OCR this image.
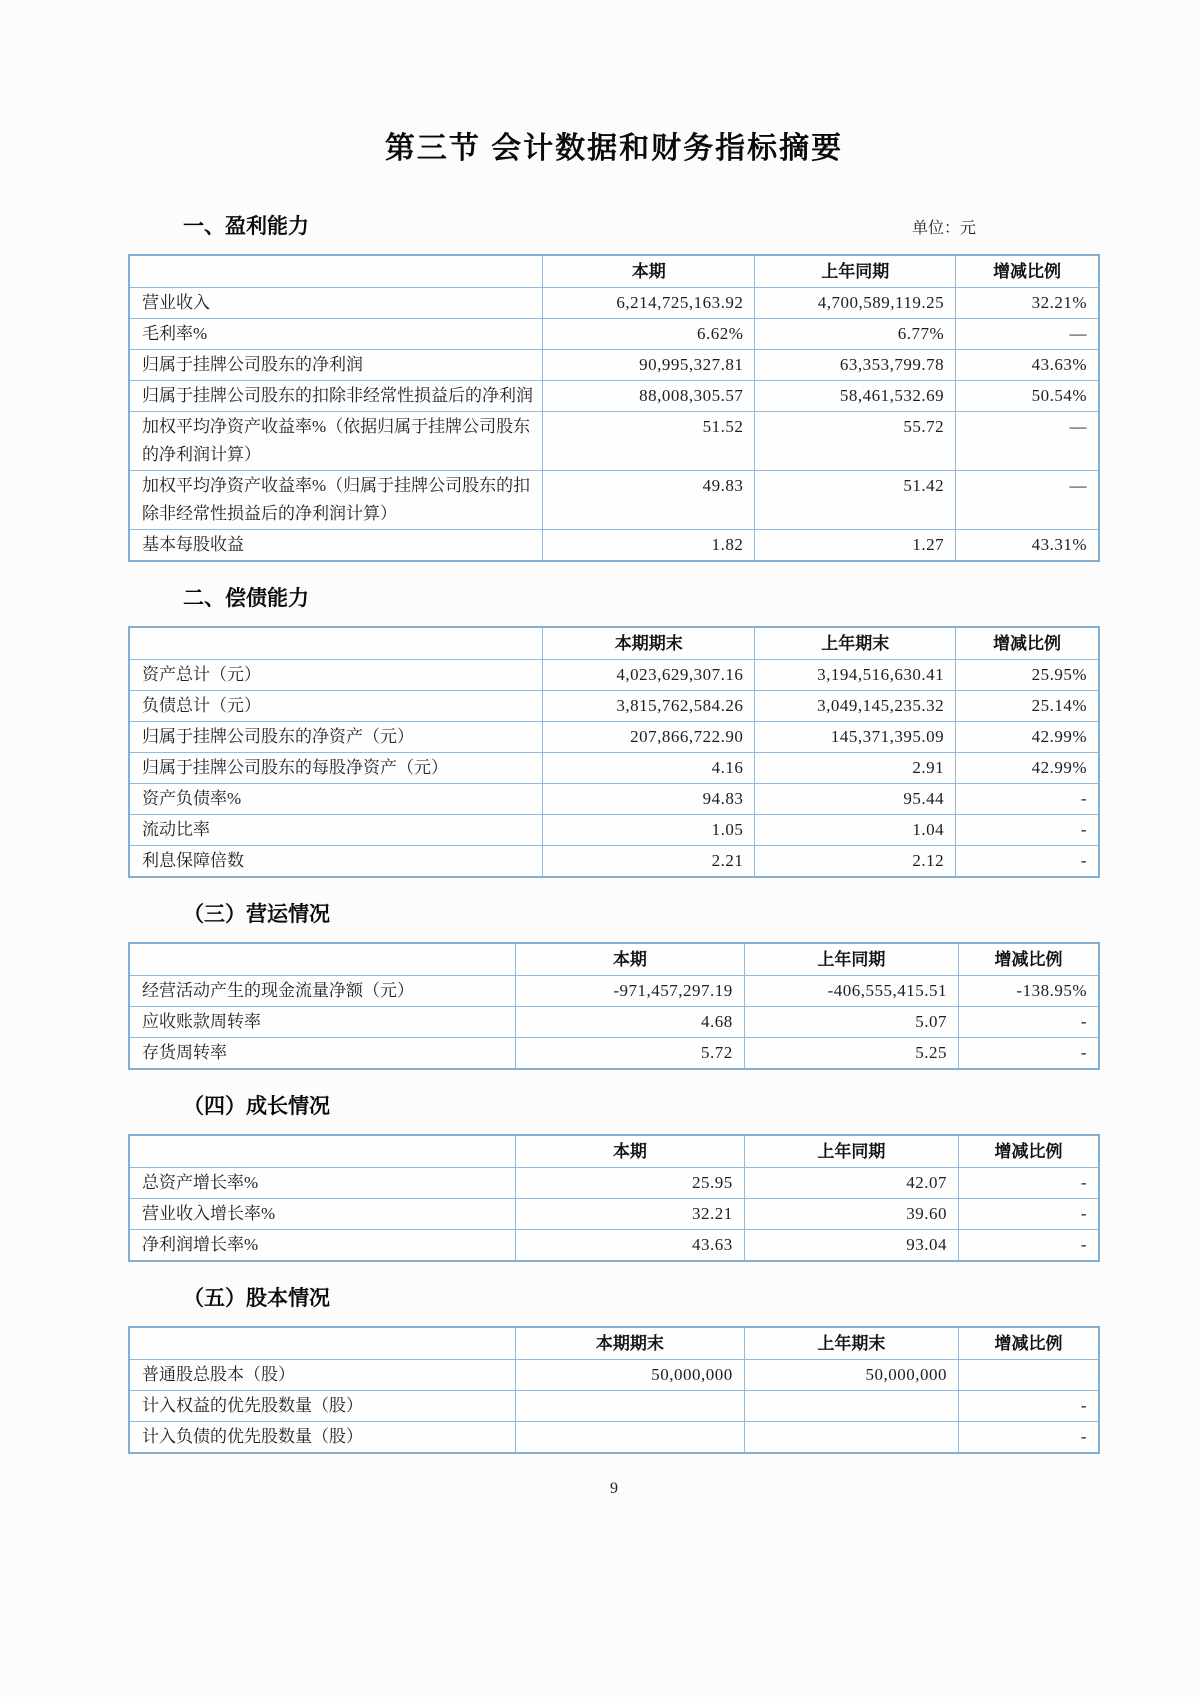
第三节 会计数据和财务指标摘要
一、盈利能力	单位：元
	本期	上年同期	增减比例
营业收入	6,214,725,163.92	4,700,589,119.25	32.21%
毛利率%	6.62%	6.77%	—
归属于挂牌公司股东的净利润	90,995,327.81	63,353,799.78	43.63%
归属于挂牌公司股东的扣除非经常性损益后的净利润	88,008,305.57	58,461,532.69	50.54%
加权平均净资产收益率%（依据归属于挂牌公司股东的净利润计算）	51.52	55.72	—
加权平均净资产收益率%（归属于挂牌公司股东的扣除非经常性损益后的净利润计算）	49.83	51.42	—
基本每股收益	1.82	1.27	43.31%
二、偿债能力
	本期期末	上年期末	增减比例
资产总计（元）	4,023,629,307.16	3,194,516,630.41	25.95%
负债总计（元）	3,815,762,584.26	3,049,145,235.32	25.14%
归属于挂牌公司股东的净资产（元）	207,866,722.90	145,371,395.09	42.99%
归属于挂牌公司股东的每股净资产（元）	4.16	2.91	42.99%
资产负债率%	94.83	95.44	-
流动比率	1.05	1.04	-
利息保障倍数	2.21	2.12	-
（三）营运情况
	本期	上年同期	增减比例
经营活动产生的现金流量净额（元）	-971,457,297.19	-406,555,415.51	-138.95%
应收账款周转率	4.68	5.07	-
存货周转率	5.72	5.25	-
（四）成长情况
	本期	上年同期	增减比例
总资产增长率%	25.95	42.07	-
营业收入增长率%	32.21	39.60	-
净利润增长率%	43.63	93.04	-
（五）股本情况
	本期期末	上年期末	增减比例
普通股总股本（股）	50,000,000	50,000,000	
计入权益的优先股数量（股）			-
计入负债的优先股数量（股）			-
9
